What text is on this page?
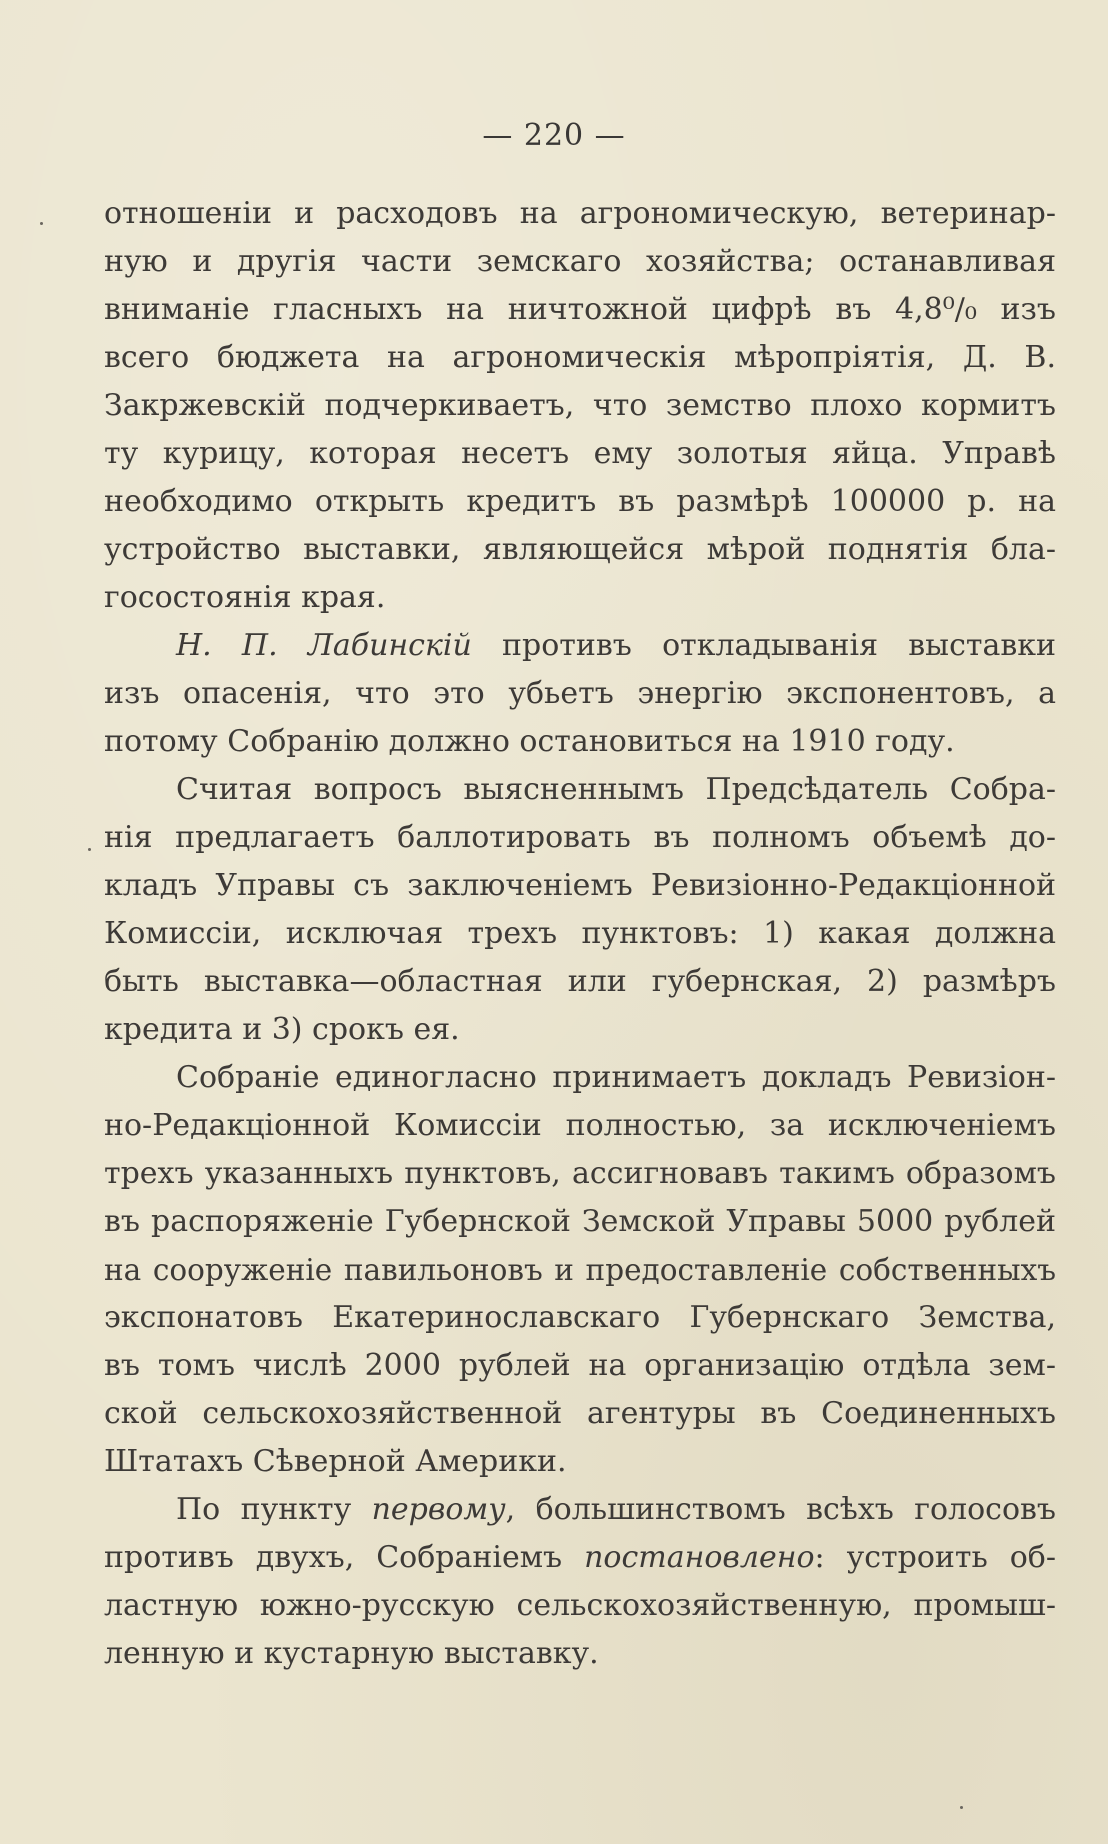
— 220 —
отношенiи и расходовъ на агрономическую, ветеринар-
ную и другiя части земскаго хозяйства; останавливая
вниманiе гласныхъ на ничтожной цифрѣ въ 4,8⁰/₀ изъ
всего бюджета на агрономическiя мѣропрiятiя, Д. В.
Закржевскiй подчеркиваетъ, что земство плохо кормитъ
ту курицу, которая несетъ ему золотыя яйца. Управѣ
необходимо открыть кредитъ въ размѣрѣ 100000 р. на
устройство выставки, являющейся мѣрой поднятiя бла-
госостоянiя края.
Н. П. Лабинскiй противъ откладыванiя выставки
изъ опасенiя, что это убьетъ энергiю экспонентовъ, а
потому Собранiю должно остановиться на 1910 году.
Считая вопросъ выясненнымъ Предсѣдатель Собра-
нiя предлагаетъ баллотировать въ полномъ объемѣ до-
кладъ Управы съ заключенiемъ Ревизiонно-Редакцiонной
Комиссiи, исключая трехъ пунктовъ: 1) какая должна
быть выставка—областная или губернская, 2) размѣръ
кредита и 3) срокъ ея.
Собранiе единогласно принимаетъ докладъ Ревизiон-
но-Редакцiонной Комиссiи полностью, за исключенiемъ
трехъ указанныхъ пунктовъ, ассигновавъ такимъ образомъ
въ распоряженiе Губернской Земской Управы 5000 рублей
на сооруженiе павильоновъ и предоставленiе собственныхъ
экспонатовъ Екатеринославскаго Губернскаго Земства,
въ томъ числѣ 2000 рублей на организацiю отдѣла зем-
ской сельскохозяйственной агентуры въ Соединенныхъ
Штатахъ Сѣверной Америки.
По пункту первому, большинствомъ всѣхъ голосовъ
противъ двухъ, Собранiемъ постановлено: устроить об-
ластную южно-русскую сельскохозяйственную, промыш-
ленную и кустарную выставку.
